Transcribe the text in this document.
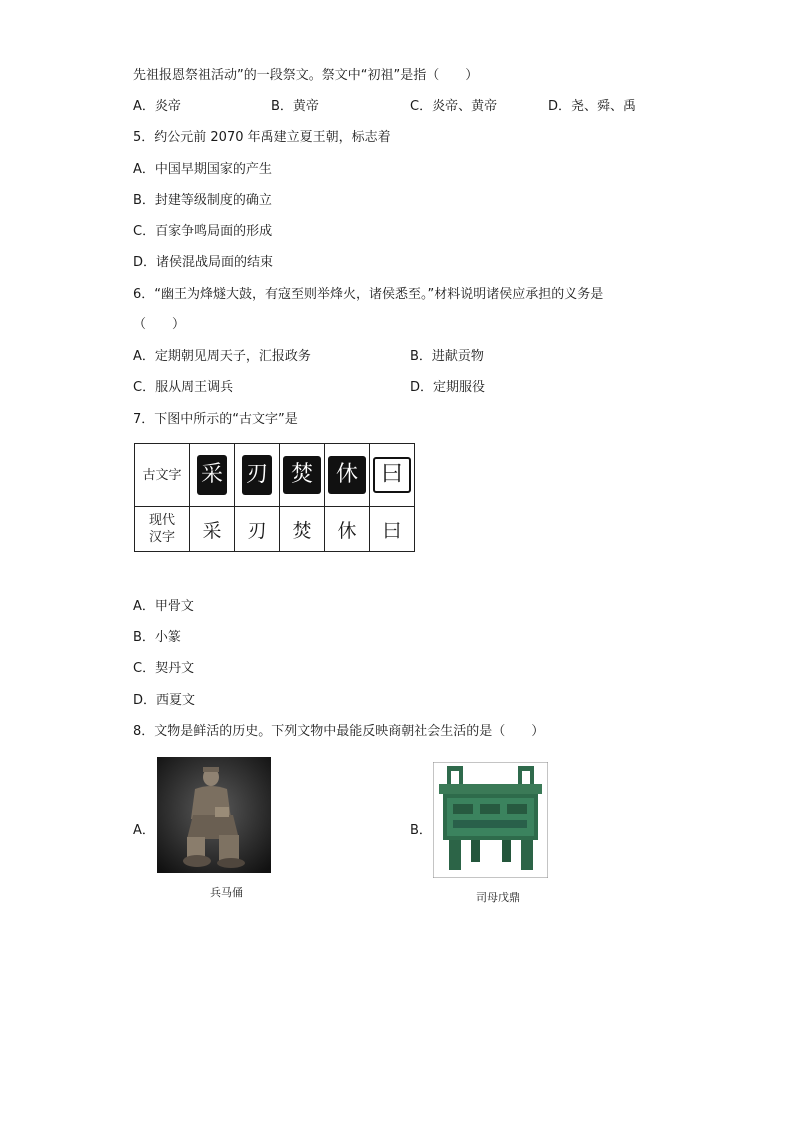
先祖报恩祭祖活动”的一段祭文。祭文中“初祖”是指（　　）
A．炎帝	B．黄帝	C．炎帝、黄帝	D．尧、舜、禹
5．约公元前 2070 年禹建立夏王朝，标志着
A．中国早期国家的产生
B．封建等级制度的确立
C．百家争鸣局面的形成
D．诸侯混战局面的结束
6．“幽王为烽燧大鼓，有寇至则举烽火，诸侯悉至。”材料说明诸侯应承担的义务是
（　　）
A．定期朝见周天子，汇报政务	B．进献贡物
C．服从周王调兵	D．定期服役
7．下图中所示的“古文字”是
古文字	采	刃	焚	休	曰

现代
汉字	采	刃	焚	休	曰
A．甲骨文
B．小篆
C．契丹文
D．西夏文
8．文物是鲜活的历史。下列文物中最能反映商朝社会生活的是（　　）
A．
兵马俑
B．
司母戊鼎
